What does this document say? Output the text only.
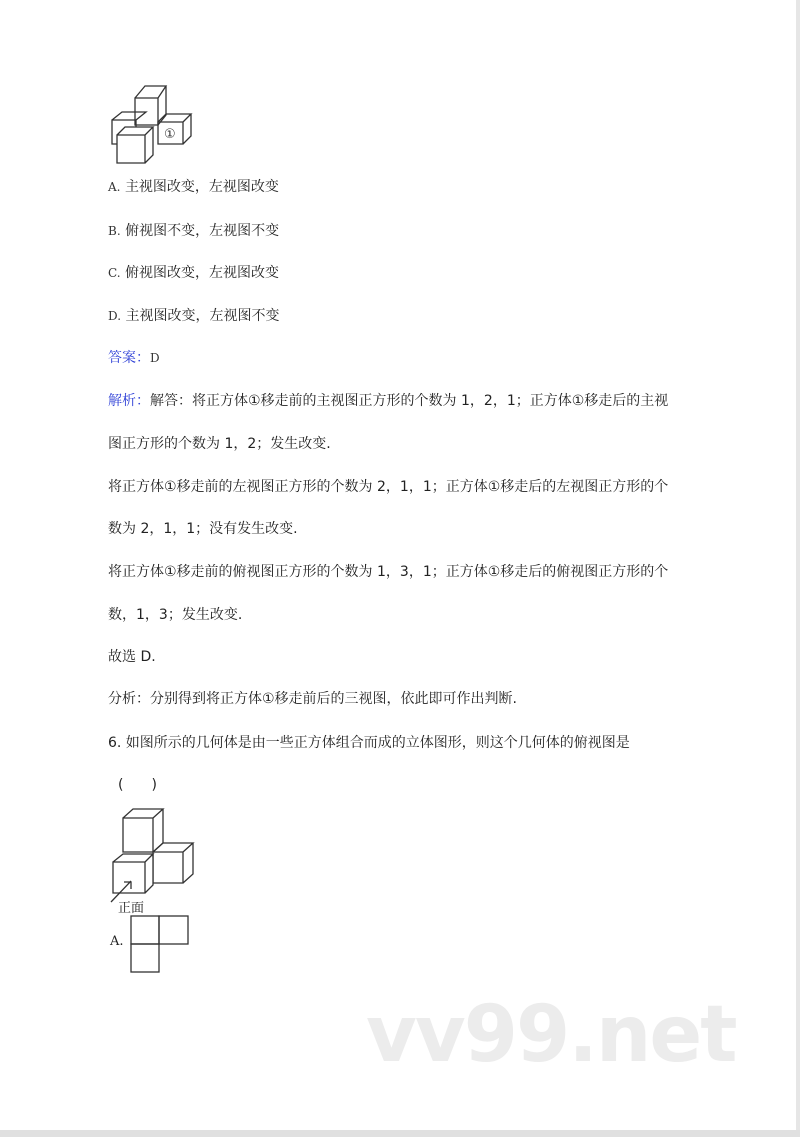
①
A. 主视图改变，左视图改变
B. 俯视图不变，左视图不变
C. 俯视图改变，左视图改变
D. 主视图改变，左视图不变
答案：D
解析：解答：将正方体①移走前的主视图正方形的个数为 1，2，1；正方体①移走后的主视
图正方形的个数为 1，2；发生改变.
将正方体①移走前的左视图正方形的个数为 2，1，1；正方体①移走后的左视图正方形的个
数为 2，1，1；没有发生改变.
将正方体①移走前的俯视图正方形的个数为 1，3，1；正方体①移走后的俯视图正方形的个
数，1，3；发生改变.
故选 D.
分析：分别得到将正方体①移走前后的三视图，依此即可作出判断.
6. 如图所示的几何体是由一些正方体组合而成的立体图形，则这个几何体的俯视图是
(　　)
正面
A.
vv99.net
